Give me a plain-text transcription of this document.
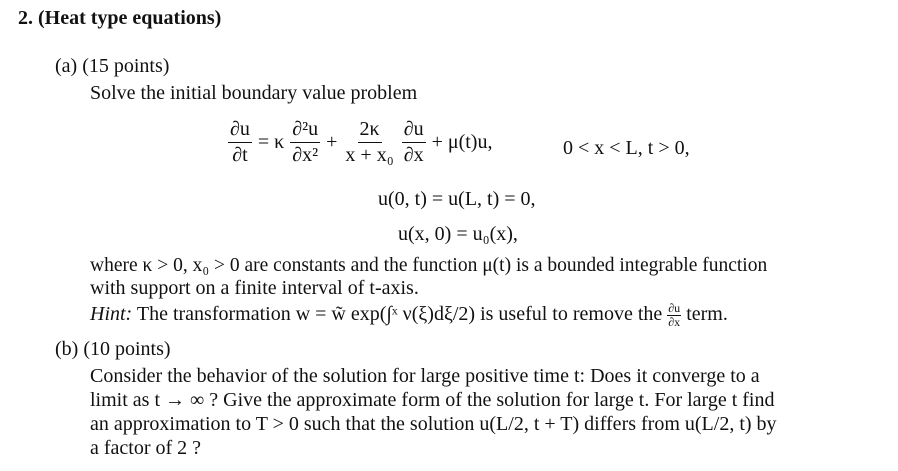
2. (Heat type equations)
(a) (15 points)
Solve the initial boundary value problem
$\frac{\partial u}{\partial t} = \kappa \frac{\text{∂²u}}{\text{∂x²}} + \frac{2\kappa}{\text{x + x₀}} \frac{\partial u}{\partial x} + \mu(t)u$,	0 < x < L, t > 0,
u(0, t) = u(L, t) = 0,
u(x, 0) = u₀(x),
where κ > 0, x₀ > 0 are constants and the function μ(t) is a bounded integrable function
with support on a finite interval of t-axis.
Hint: The transformation w = w̃ exp(∫ˣ ν(ξ)dξ/2) is useful to remove the $\frac{\partial u}{\partial x}$ term.
(b) (10 points)
Consider the behavior of the solution for large positive time t: Does it converge to a
limit as t → ∞ ? Give the approximate form of the solution for large t. For large t find
an approximation to T > 0 such that the solution u(L/2, t + T) differs from u(L/2, t) by
a factor of 2 ?
